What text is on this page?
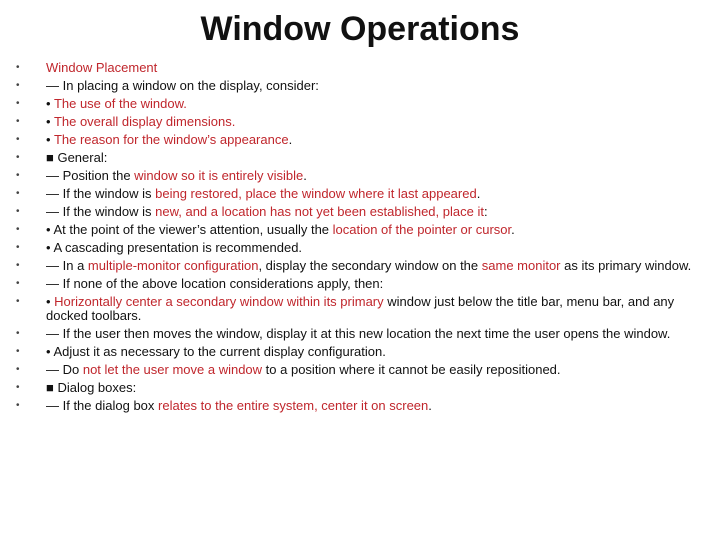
Window Operations
• Window Placement
• — In placing a window on the display, consider:
• • The use of the window.
• • The overall display dimensions.
• • The reason for the window’s appearance.
• ■ General:
• — Position the window so it is entirely visible.
• — If the window is being restored, place the window where it last appeared.
• — If the window is new, and a location has not yet been established, place it:
• • At the point of the viewer’s attention, usually the location of the pointer or cursor.
• • A cascading presentation is recommended.
• — In a multiple-monitor configuration, display the secondary window on the same monitor as its primary window.
• — If none of the above location considerations apply, then:
• • Horizontally center a secondary window within its primary window just below the title bar, menu bar, and any docked toolbars.
• — If the user then moves the window, display it at this new location the next time the user opens the window.
• • Adjust it as necessary to the current display configuration.
• — Do not let the user move a window to a position where it cannot be easily repositioned.
• ■ Dialog boxes:
• — If the dialog box relates to the entire system, center it on screen.
